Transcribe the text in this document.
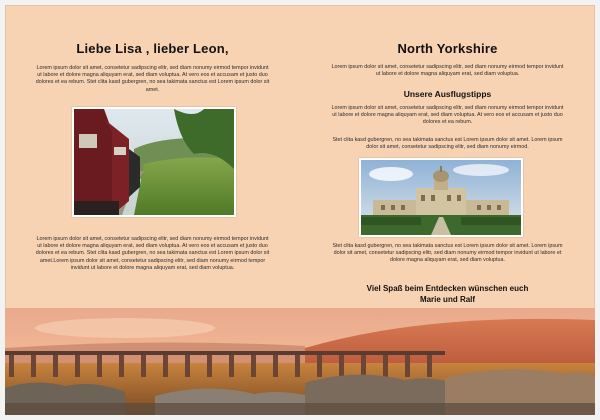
Liebe Lisa , lieber Leon,
Lorem ipsum dolor sit amet, consetetur sadipscing elitr, sed diam nonumy eirmod tempor invidunt ut labore et dolore magna aliquyam erat, sed diam voluptua. At vero eos et accusam et justo duo dolores et ea rebum. Stet clita kasd gubergren, no sea takimata sanctus est Lorem ipsum dolor sit amet.
Lorem ipsum dolor sit amet, consetetur sadipscing elitr, sed diam nonumy eirmod tempor invidunt ut labore et dolore magna aliquyam erat, sed diam voluptua. At vero eos et accusam et justo duo dolores et ea rebum. Stet clita kasd gubergren, no sea takimata sanctus est Lorem ipsum dolor sit amet.Lorem ipsum dolor sit amet, consetetur sadipscing elitr, sed diam nonumy eirmod tempor invidunt ut labore et dolore magna aliquyam erat, sed diam voluptua.
North Yorkshire
Lorem ipsum dolor sit amet, consetetur sadipscing elitr, sed diam nonumy eirmod tempor invidunt ut labore et dolore magna aliquyam erat, sed diam voluptua.
Unsere Ausflugstipps
Lorem ipsum dolor sit amet, consetetur sadipscing elitr, sed diam nonumy eirmod tempor invidunt ut labore et dolore magna aliquyam erat, sed diam voluptua. At vero eos et accusam et justo duo dolores et ea rebum.
Stet clita kasd gubergren, no sea takimata sanctus est Lorem ipsum dolor sit amet. Lorem ipsum dolor sit amet, consetetur sadipscing elitr, sed diam nonumy eirmod.
Stet clita kasd gubergren, no sea takimata sanctus est Lorem ipsum dolor sit amet. Lorem ipsum dolor sit amet, consetetur sadipscing elitr, sed diam nonumy eirmod tempor invidunt ut labore et dolore magna aliquyam erat, sed diam voluptua.
Viel Spaß beim Entdecken wünschen euch
Marie und Ralf
